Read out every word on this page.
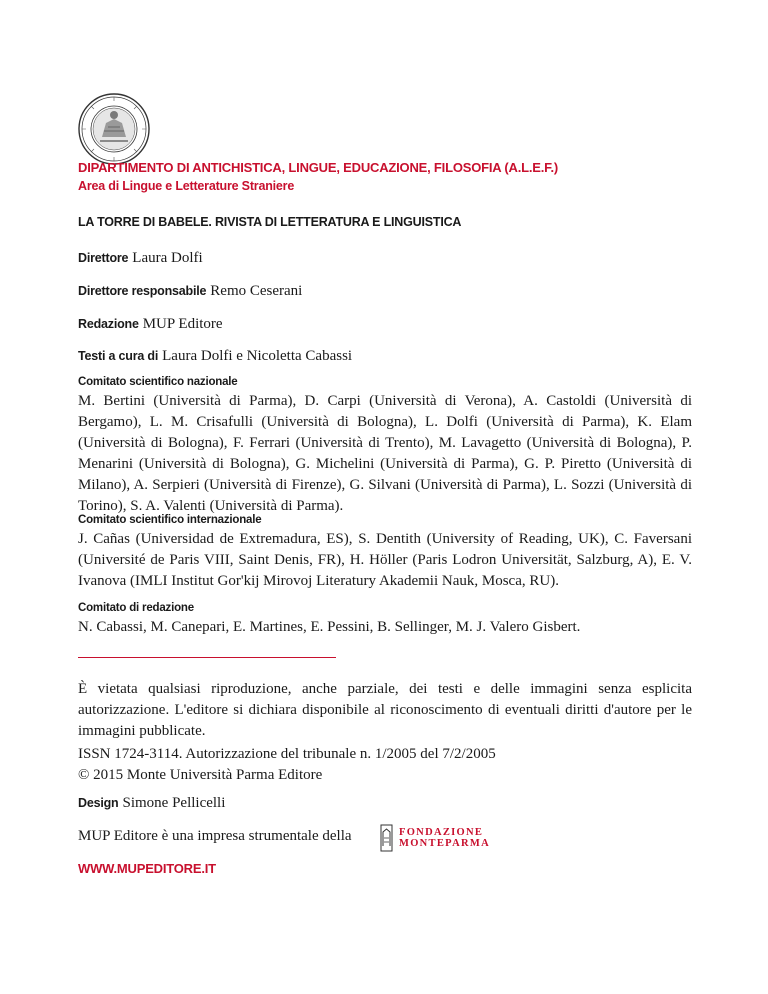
DIPARTIMENTO DI ANTICHISTICA, LINGUE, EDUCAZIONE, FILOSOFIA (A.L.E.F.)
Area di Lingue e Letterature Straniere
LA TORRE DI BABELE. RIVISTA DI LETTERATURA E LINGUISTICA
Direttore Laura Dolfi
Direttore responsabile Remo Ceserani
Redazione MUP Editore
Testi a cura di Laura Dolfi e Nicoletta Cabassi
Comitato scientifico nazionale
M. Bertini (Università di Parma), D. Carpi (Università di Verona), A. Castoldi (Università di Bergamo), L. M. Crisafulli (Università di Bologna), L. Dolfi (Università di Parma), K. Elam (Università di Bologna), F. Ferrari (Università di Trento), M. Lavagetto (Università di Bologna), P. Menarini (Università di Bologna), G. Michelini (Università di Parma), G. P. Piretto (Università di Milano), A. Serpieri (Università di Firenze), G. Silvani (Università di Parma), L. Sozzi (Università di Torino), S. A. Valenti (Università di Parma).
Comitato scientifico internazionale
J. Cañas (Universidad de Extremadura, ES), S. Dentith (University of Reading, UK), C. Faversani (Université de Paris VIII, Saint Denis, FR), H. Höller (Paris Lodron Universität, Salzburg, A), E. V. Ivanova (IMLI Institut Gor'kij Mirovoj Literatury Akademii Nauk, Mosca, RU).
Comitato di redazione
N. Cabassi, M. Canepari, E. Martines, E. Pessini, B. Sellinger, M. J. Valero Gisbert.
È vietata qualsiasi riproduzione, anche parziale, dei testi e delle immagini senza esplicita autorizzazione. L'editore si dichiara disponibile al riconoscimento di eventuali diritti d'autore per le immagini pubblicate.
ISSN 1724-3114. Autorizzazione del tribunale n. 1/2005 del 7/2/2005
© 2015 Monte Università Parma Editore
Design Simone Pellicelli
MUP Editore è una impresa strumentale della	FONDAZIONE
MONTEPARMA
WWW.MUPEDITORE.IT
